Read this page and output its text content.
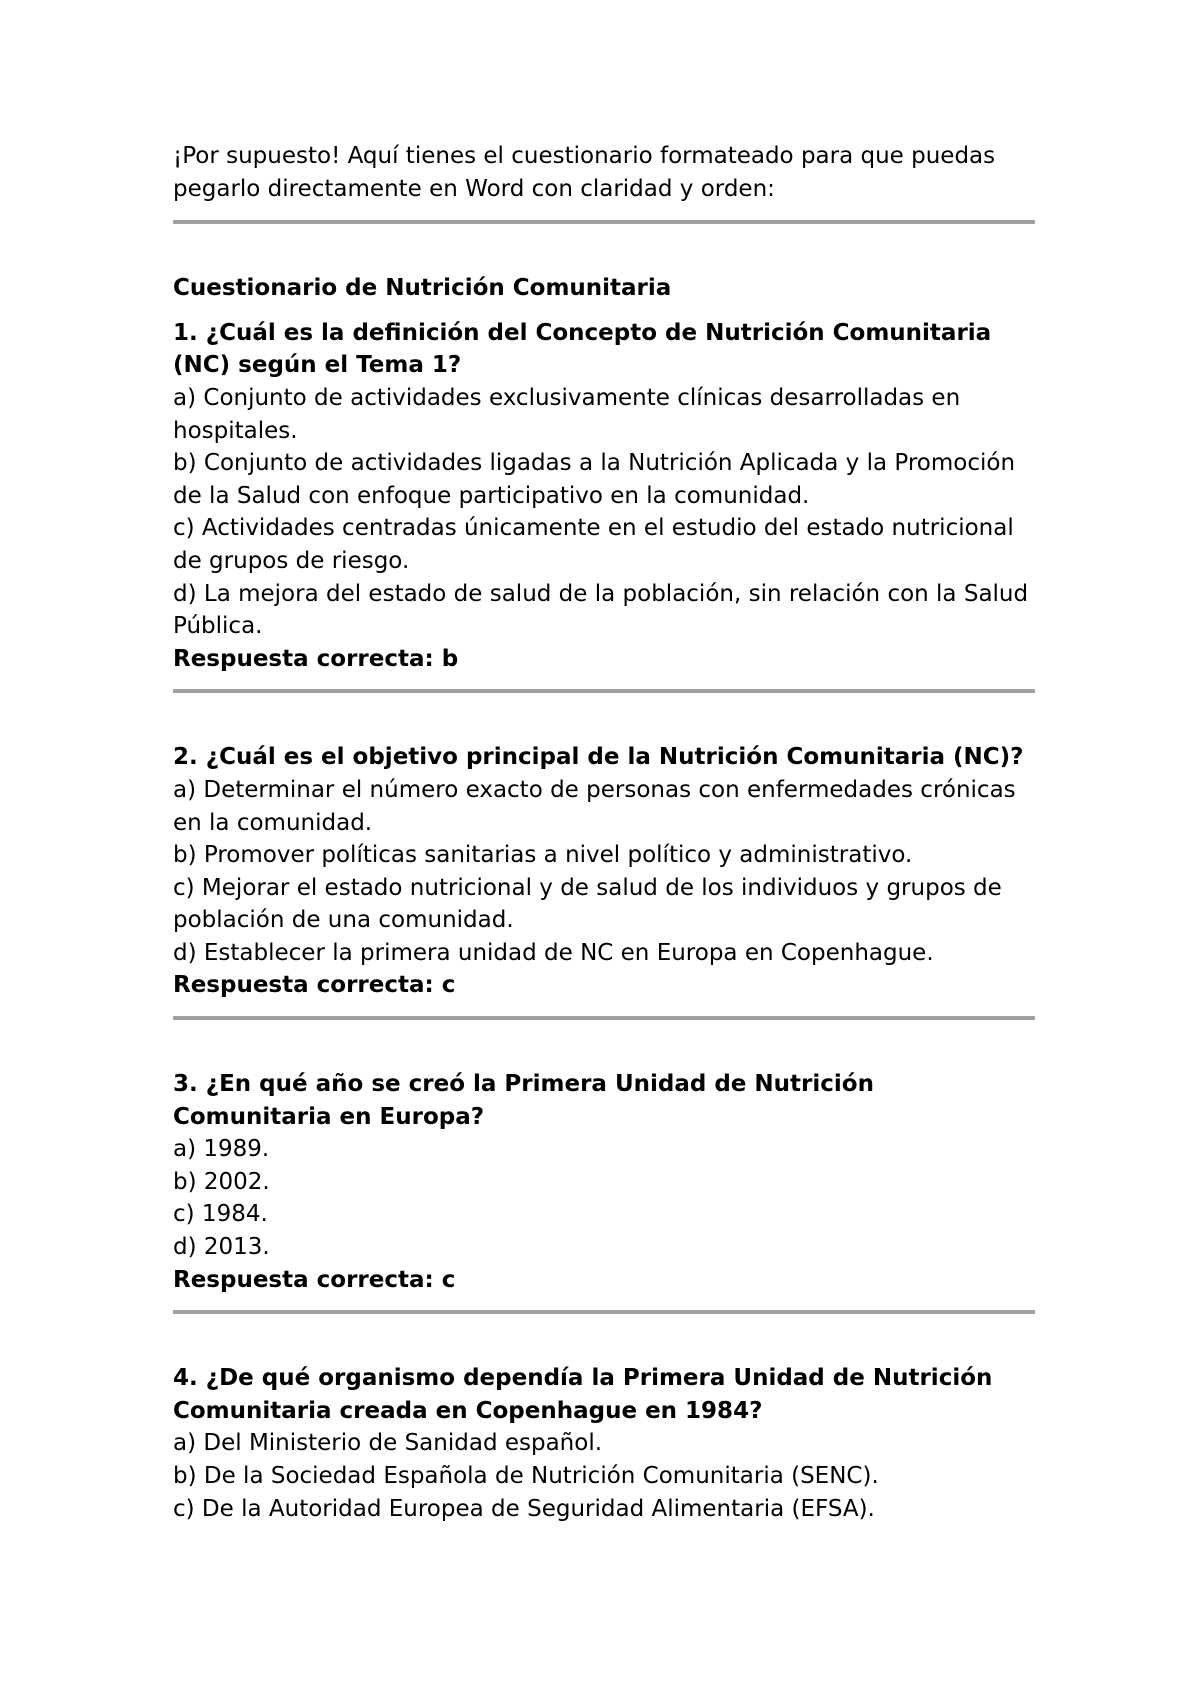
¡Por supuesto! Aquí tienes el cuestionario formateado para que puedas pegarlo directamente en Word con claridad y orden:

Cuestionario de Nutrición Comunitaria

1. ¿Cuál es la definición del Concepto de Nutrición Comunitaria (NC) según el Tema 1?

a) Conjunto de actividades exclusivamente clínicas desarrolladas en hospitales.

b) Conjunto de actividades ligadas a la Nutrición Aplicada y la Promoción de la Salud con enfoque participativo en la comunidad.

c) Actividades centradas únicamente en el estudio del estado nutricional de grupos de riesgo.

d) La mejora del estado de salud de la población, sin relación con la Salud Pública.

Respuesta correcta: b

2. ¿Cuál es el objetivo principal de la Nutrición Comunitaria (NC)?

a) Determinar el número exacto de personas con enfermedades crónicas en la comunidad.

b) Promover políticas sanitarias a nivel político y administrativo.

c) Mejorar el estado nutricional y de salud de los individuos y grupos de población de una comunidad.

d) Establecer la primera unidad de NC en Europa en Copenhague.

Respuesta correcta: c

3. ¿En qué año se creó la Primera Unidad de Nutrición Comunitaria en Europa?

a) 1989.

b) 2002.

c) 1984.

d) 2013.

Respuesta correcta: c

4. ¿De qué organismo dependía la Primera Unidad de Nutrición Comunitaria creada en Copenhague en 1984?

a) Del Ministerio de Sanidad español.

b) De la Sociedad Española de Nutrición Comunitaria (SENC).

c) De la Autoridad Europea de Seguridad Alimentaria (EFSA).
